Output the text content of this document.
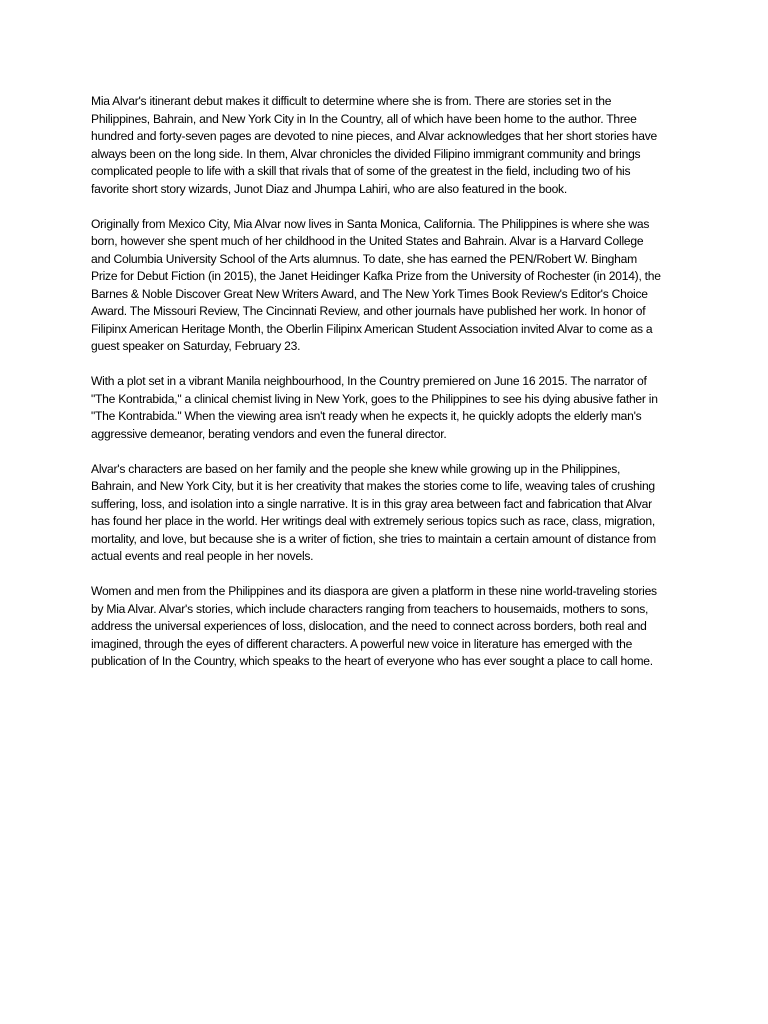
Mia Alvar's itinerant debut makes it difficult to determine where she is from. There are stories set in the Philippines, Bahrain, and New York City in In the Country, all of which have been home to the author. Three hundred and forty-seven pages are devoted to nine pieces, and Alvar acknowledges that her short stories have always been on the long side. In them, Alvar chronicles the divided Filipino immigrant community and brings complicated people to life with a skill that rivals that of some of the greatest in the field, including two of his favorite short story wizards, Junot Diaz and Jhumpa Lahiri, who are also featured in the book.

Originally from Mexico City, Mia Alvar now lives in Santa Monica, California. The Philippines is where she was born, however she spent much of her childhood in the United States and Bahrain. Alvar is a Harvard College and Columbia University School of the Arts alumnus. To date, she has earned the PEN/Robert W. Bingham Prize for Debut Fiction (in 2015), the Janet Heidinger Kafka Prize from the University of Rochester (in 2014), the Barnes & Noble Discover Great New Writers Award, and The New York Times Book Review's Editor's Choice Award. The Missouri Review, The Cincinnati Review, and other journals have published her work. In honor of Filipinx American Heritage Month, the Oberlin Filipinx American Student Association invited Alvar to come as a guest speaker on Saturday, February 23.

With a plot set in a vibrant Manila neighbourhood, In the Country premiered on June 16 2015. The narrator of "The Kontrabida," a clinical chemist living in New York, goes to the Philippines to see his dying abusive father in "The Kontrabida." When the viewing area isn't ready when he expects it, he quickly adopts the elderly man's aggressive demeanor, berating vendors and even the funeral director.

Alvar's characters are based on her family and the people she knew while growing up in the Philippines, Bahrain, and New York City, but it is her creativity that makes the stories come to life, weaving tales of crushing suffering, loss, and isolation into a single narrative. It is in this gray area between fact and fabrication that Alvar has found her place in the world. Her writings deal with extremely serious topics such as race, class, migration, mortality, and love, but because she is a writer of fiction, she tries to maintain a certain amount of distance from actual events and real people in her novels.

Women and men from the Philippines and its diaspora are given a platform in these nine world-traveling stories by Mia Alvar. Alvar's stories, which include characters ranging from teachers to housemaids, mothers to sons, address the universal experiences of loss, dislocation, and the need to connect across borders, both real and imagined, through the eyes of different characters. A powerful new voice in literature has emerged with the publication of In the Country, which speaks to the heart of everyone who has ever sought a place to call home.
